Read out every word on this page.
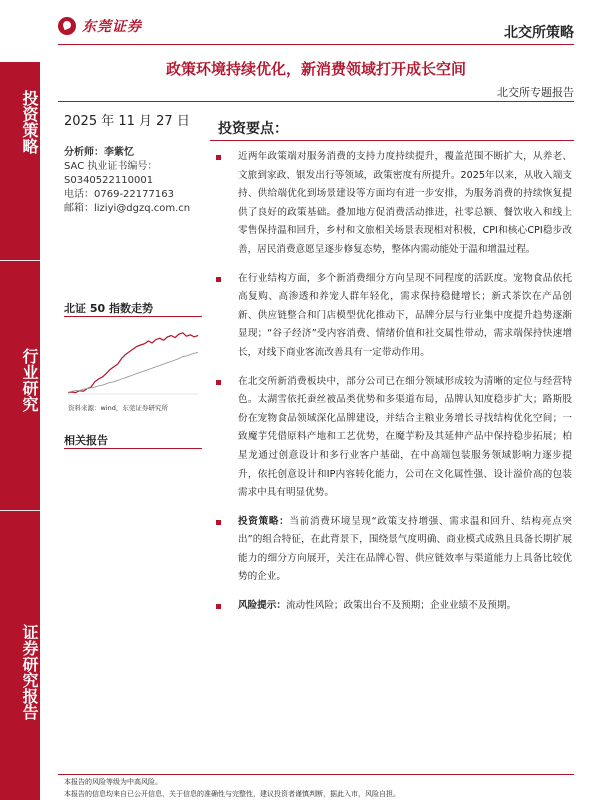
投资策略
行业研究
证券研究报告
东莞证券	北交所策略
政策环境持续优化，新消费领域打开成长空间
北交所专题报告
2025 年 11 月 27 日
分析师：李紫忆
SAC 执业证书编号：
S0340522110001
电话：0769-22177163
邮箱：liziyi@dgzq.com.cn
北证 50 指数走势
资料来源：wind，东莞证券研究所
相关报告
投资要点：
近两年政策端对服务消费的支持力度持续提升，覆盖范围不断扩大，从养老、文旅到家政、银发出行等领域，政策密度有所提升。2025年以来，从收入端支持、供给端优化到场景建设等方面均有进一步安排，为服务消费的持续恢复提供了良好的政策基础。叠加地方促消费活动推进，社零总额、餐饮收入和线上零售保持温和回升，乡村和文旅相关场景表现相对积极，CPI和核心CPI稳步改善，居民消费意愿呈逐步修复态势，整体内需动能处于温和增温过程。
在行业结构方面，多个新消费细分方向呈现不同程度的活跃度。宠物食品依托高复购、高渗透和养宠人群年轻化，需求保持稳健增长；新式茶饮在产品创新、供应链整合和门店模型优化推动下，品牌分层与行业集中度提升趋势逐渐显现；“谷子经济”受内容消费、情绪价值和社交属性带动，需求端保持快速增长，对线下商业客流改善具有一定带动作用。
在北交所新消费板块中，部分公司已在细分领域形成较为清晰的定位与经营特色。太湖雪依托蚕丝被品类优势和多渠道布局，品牌认知度稳步扩大；路斯股份在宠物食品领域深化品牌建设，并结合主粮业务增长寻找结构优化空间；一致魔芋凭借原料产地和工艺优势，在魔芋粉及其延伸产品中保持稳步拓展；柏星龙通过创意设计和多行业客户基础，在中高端包装服务领域影响力逐步提升，依托创意设计和IP内容转化能力，公司在文化属性强、设计溢价高的包装需求中具有明显优势。
投资策略：当前消费环境呈现“政策支持增强、需求温和回升、结构亮点突出”的组合特征，在此背景下，围绕景气度明确、商业模式成熟且具备长期扩展能力的细分方向展开，关注在品牌心智、供应链效率与渠道能力上具备比较优势的企业。
风险提示：流动性风险；政策出台不及预期；企业业绩不及预期。
本报告的风险等级为中高风险。
本报告的信息均来自已公开信息，关于信息的准确性与完整性，建议投资者谨慎判断，据此入市，风险自担。
